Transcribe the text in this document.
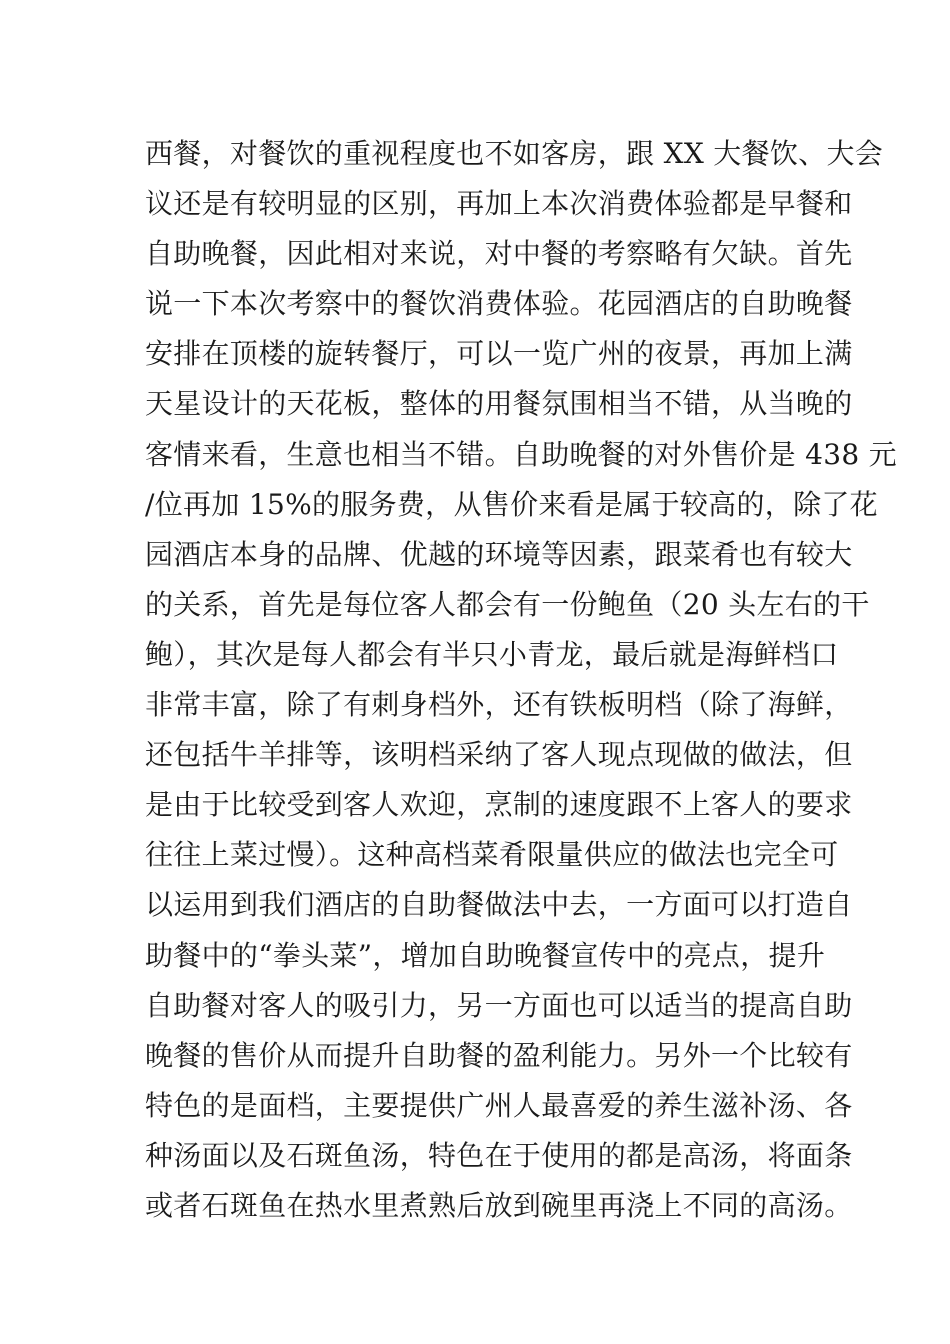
西餐，对餐饮的重视程度也不如客房，跟 XX 大餐饮、大会
议还是有较明显的区别，再加上本次消费体验都是早餐和
自助晚餐，因此相对来说，对中餐的考察略有欠缺。首先
说一下本次考察中的餐饮消费体验。花园酒店的自助晚餐
安排在顶楼的旋转餐厅，可以一览广州的夜景，再加上满
天星设计的天花板，整体的用餐氛围相当不错，从当晚的
客情来看，生意也相当不错。自助晚餐的对外售价是 438 元
/位再加 15%的服务费，从售价来看是属于较高的，除了花
园酒店本身的品牌、优越的环境等因素，跟菜肴也有较大
的关系，首先是每位客人都会有一份鲍鱼（20 头左右的干
鲍），其次是每人都会有半只小青龙，最后就是海鲜档口
非常丰富，除了有刺身档外，还有铁板明档（除了海鲜，
还包括牛羊排等，该明档采纳了客人现点现做的做法，但
是由于比较受到客人欢迎，烹制的速度跟不上客人的要求
往往上菜过慢）。这种高档菜肴限量供应的做法也完全可
以运用到我们酒店的自助餐做法中去，一方面可以打造自
助餐中的“拳头菜”，增加自助晚餐宣传中的亮点，提升
自助餐对客人的吸引力，另一方面也可以适当的提高自助
晚餐的售价从而提升自助餐的盈利能力。另外一个比较有
特色的是面档，主要提供广州人最喜爱的养生滋补汤、各
种汤面以及石斑鱼汤，特色在于使用的都是高汤，将面条
或者石斑鱼在热水里煮熟后放到碗里再浇上不同的高汤。
